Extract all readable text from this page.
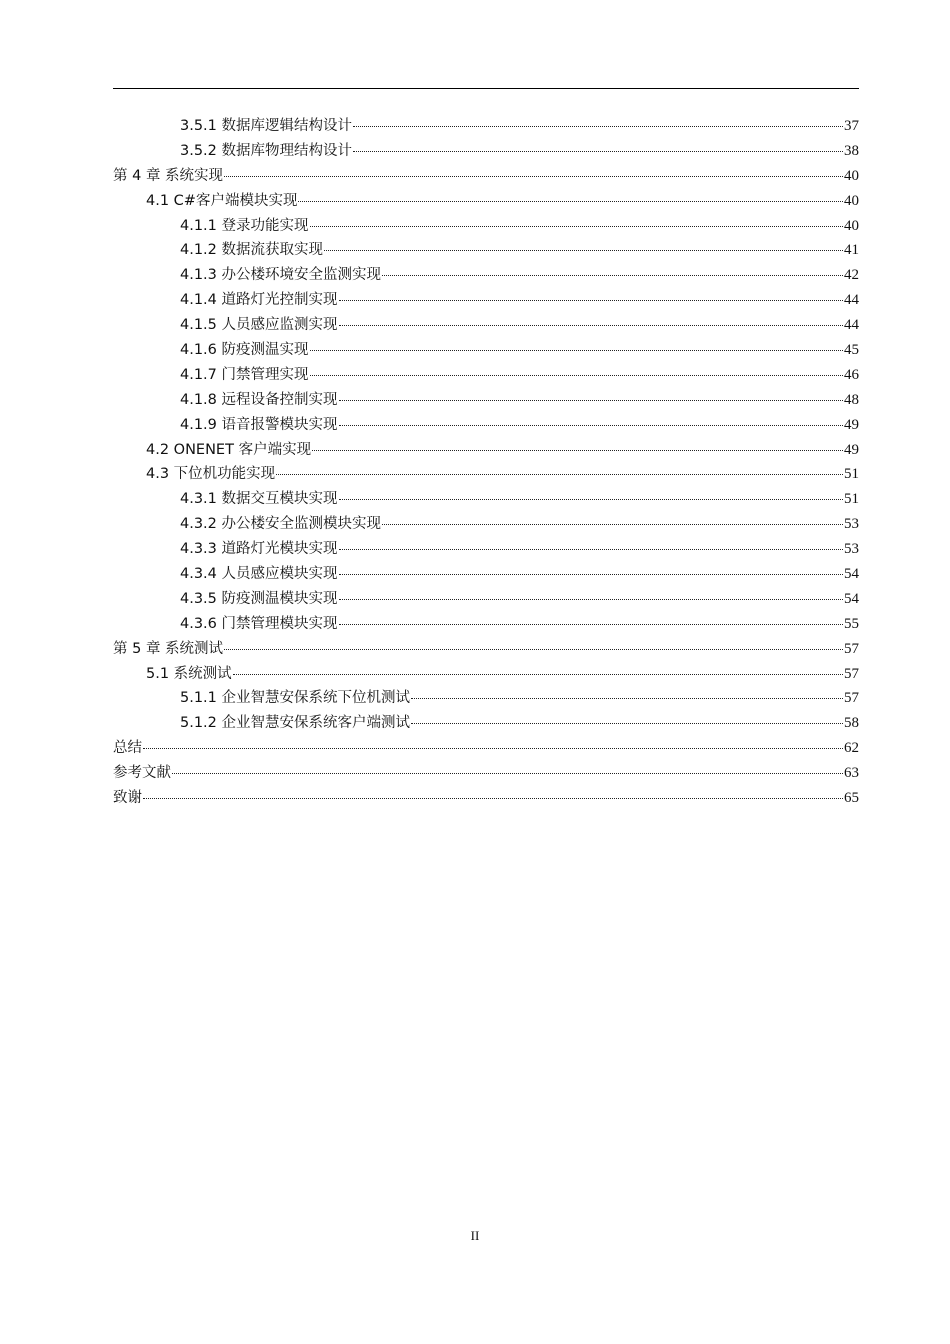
3.5.1 数据库逻辑结构设计	37
3.5.2 数据库物理结构设计	38
第 4 章 系统实现	40
4.1 C#客户端模块实现	40
4.1.1 登录功能实现	40
4.1.2 数据流获取实现	41
4.1.3 办公楼环境安全监测实现	42
4.1.4 道路灯光控制实现	44
4.1.5 人员感应监测实现	44
4.1.6 防疫测温实现	45
4.1.7 门禁管理实现	46
4.1.8 远程设备控制实现	48
4.1.9 语音报警模块实现	49
4.2 ONENET 客户端实现	49
4.3 下位机功能实现	51
4.3.1 数据交互模块实现	51
4.3.2 办公楼安全监测模块实现	53
4.3.3 道路灯光模块实现	53
4.3.4 人员感应模块实现	54
4.3.5 防疫测温模块实现	54
4.3.6 门禁管理模块实现	55
第 5 章 系统测试	57
5.1 系统测试	57
5.1.1 企业智慧安保系统下位机测试	57
5.1.2 企业智慧安保系统客户端测试	58
总结	62
参考文献	63
致谢	65
II
